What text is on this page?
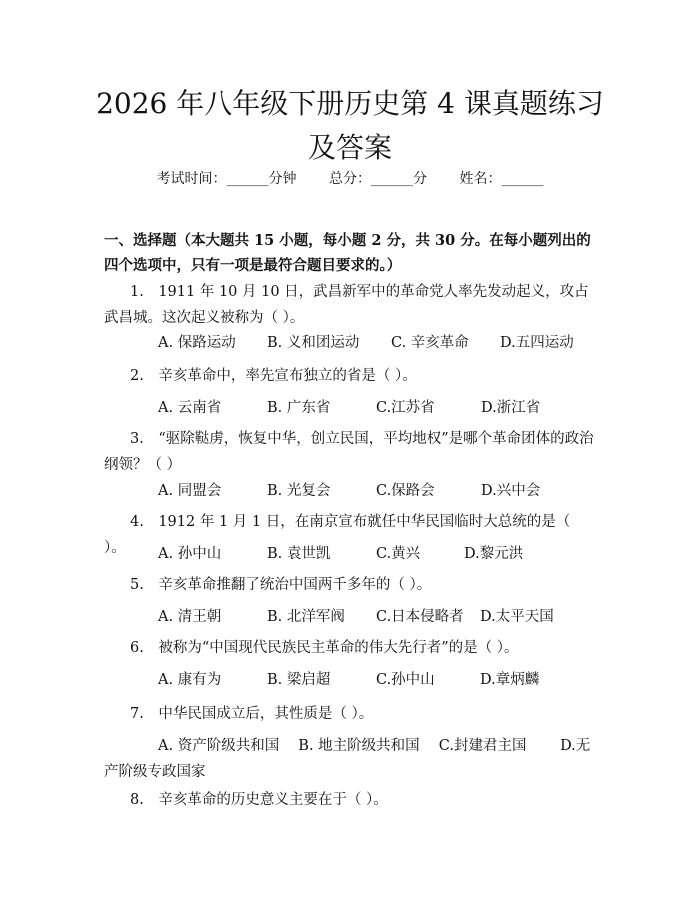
2026 年八年级下册历史第 4 课真题练习及答案
考试时间：______分钟 总分：______分 姓名：______
一、选择题（本大题共 15 小题，每小题 2 分，共 30 分。在每小题列出的四个选项中，只有一项是最符合题目要求的。）
1.　1911 年 10 月 10 日，武昌新军中的革命党人率先发动起义，攻占武昌城。这次起义被称为（ ）。
A. 保路运动 B. 义和团运动 C. 辛亥革命 D.五四运动
2.　辛亥革命中，率先宣布独立的省是（ ）。
A. 云南省	B. 广东省	C.江苏省	D.浙江省
3.　“驱除鞑虏，恢复中华，创立民国，平均地权”是哪个革命团体的政治纲领？（ ）
A. 同盟会	B. 光复会	C.保路会	D.兴中会
4.　1912 年 1 月 1 日，在南京宣布就任中华民国临时大总统的是（ ）。	A. 孙中山	B. 袁世凯	C.黄兴	D.黎元洪
5.　辛亥革命推翻了统治中国两千多年的（ ）。
A. 清王朝	B. 北洋军阀 C.日本侵略者 D.太平天国
6.　被称为“中国现代民族民主革命的伟大先行者”的是（ ）。
A. 康有为	B. 梁启超	C.孙中山	D.章炳麟
7.　中华民国成立后，其性质是（ ）。
A. 资产阶级共和国　 B. 地主阶级共和国　 C.封建君主国　　 D.无产阶级专政国家
8.　辛亥革命的历史意义主要在于（ ）。
